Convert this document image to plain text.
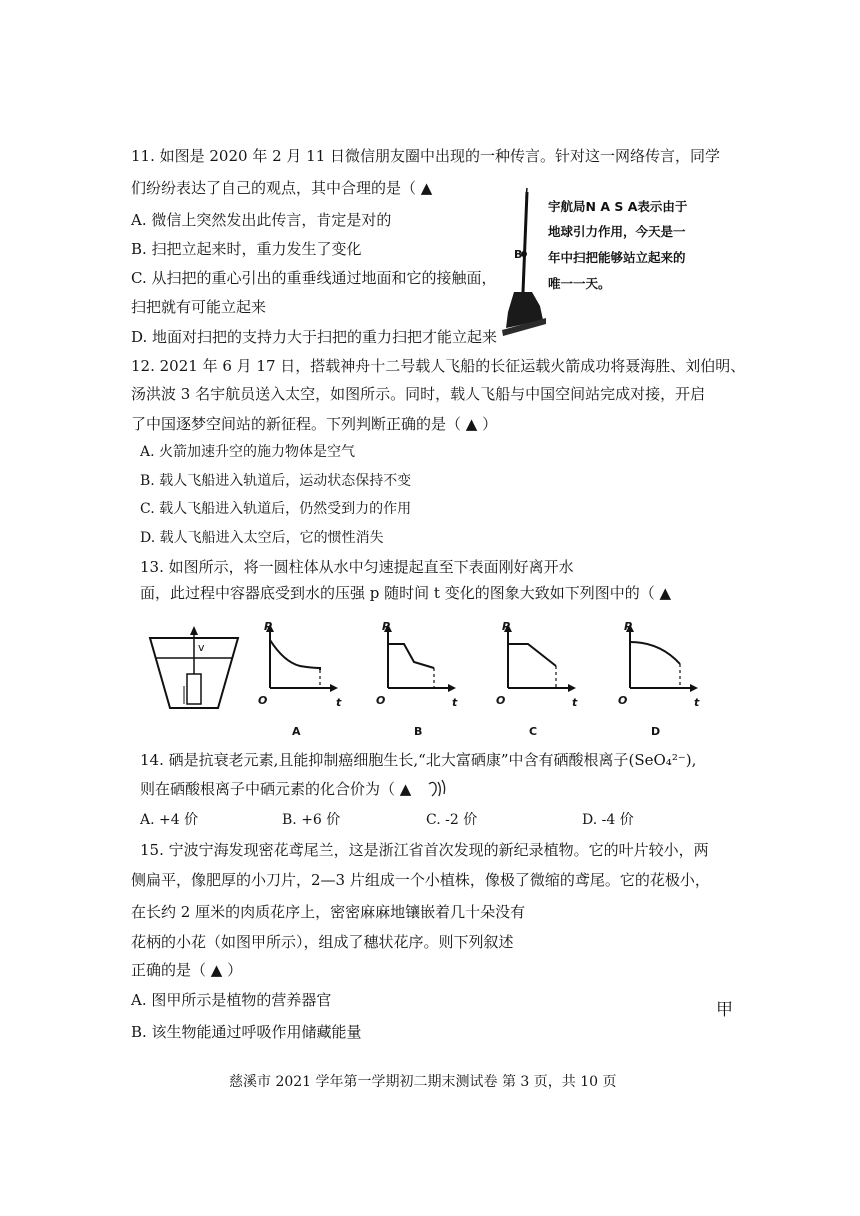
11. 如图是 2020 年 2 月 11 日微信朋友圈中出现的一种传言。针对这一网络传言，同学
们纷纷表达了自己的观点，其中合理的是（ ▲
A. 微信上突然发出此传言，肯定是对的
B. 扫把立起来时，重力发生了变化
C. 从扫把的重心引出的重垂线通过地面和它的接触面，
扫把就有可能立起来
D. 地面对扫把的支持力大于扫把的重力扫把才能立起来
B
宇航局N A S A表示由于
地球引力作用，今天是一
年中扫把能够站立起来的
唯一一天。
12. 2021 年 6 月 17 日，搭载神舟十二号载人飞船的长征运载火箭成功将聂海胜、刘伯明、
汤洪波 3 名宇航员送入太空，如图所示。同时，载人飞船与中国空间站完成对接，开启
了中国逐梦空间站的新征程。下列判断正确的是（ ▲ ）
A. 火箭加速升空的施力物体是空气
B. 载人飞船进入轨道后，运动状态保持不变
C. 载人飞船进入轨道后，仍然受到力的作用
D. 载人飞船进入太空后，它的惯性消失
13. 如图所示，将一圆柱体从水中匀速提起直至下表面刚好离开水
面，此过程中容器底受到水的压强 p 随时间 t 变化的图象大致如下列图中的（ ▲
v
P
O	t
A
P
O	t
B
P
O	t
C
P
O	t
D
14. 硒是抗衰老元素,且能抑制癌细胞生长,“北大富硒康”中含有硒酸根离子(SeO₄²⁻),
则在硒酸根离子中硒元素的化合价为（ ▲
A. +4 价	B. +6 价	C. -2 价	D. -4 价
15. 宁波宁海发现密花鸢尾兰，这是浙江省首次发现的新纪录植物。它的叶片较小，两
侧扁平，像肥厚的小刀片，2—3 片组成一个小植株，像极了微缩的鸢尾。它的花极小，
在长约 2 厘米的肉质花序上，密密麻麻地镶嵌着几十朵没有
花柄的小花（如图甲所示），组成了穗状花序。则下列叙述
正确的是（ ▲ ）
A. 图甲所示是植物的营养器官
B. 该生物能通过呼吸作用储藏能量
甲
慈溪市 2021 学年第一学期初二期末测试卷 第 3 页，共 10 页
